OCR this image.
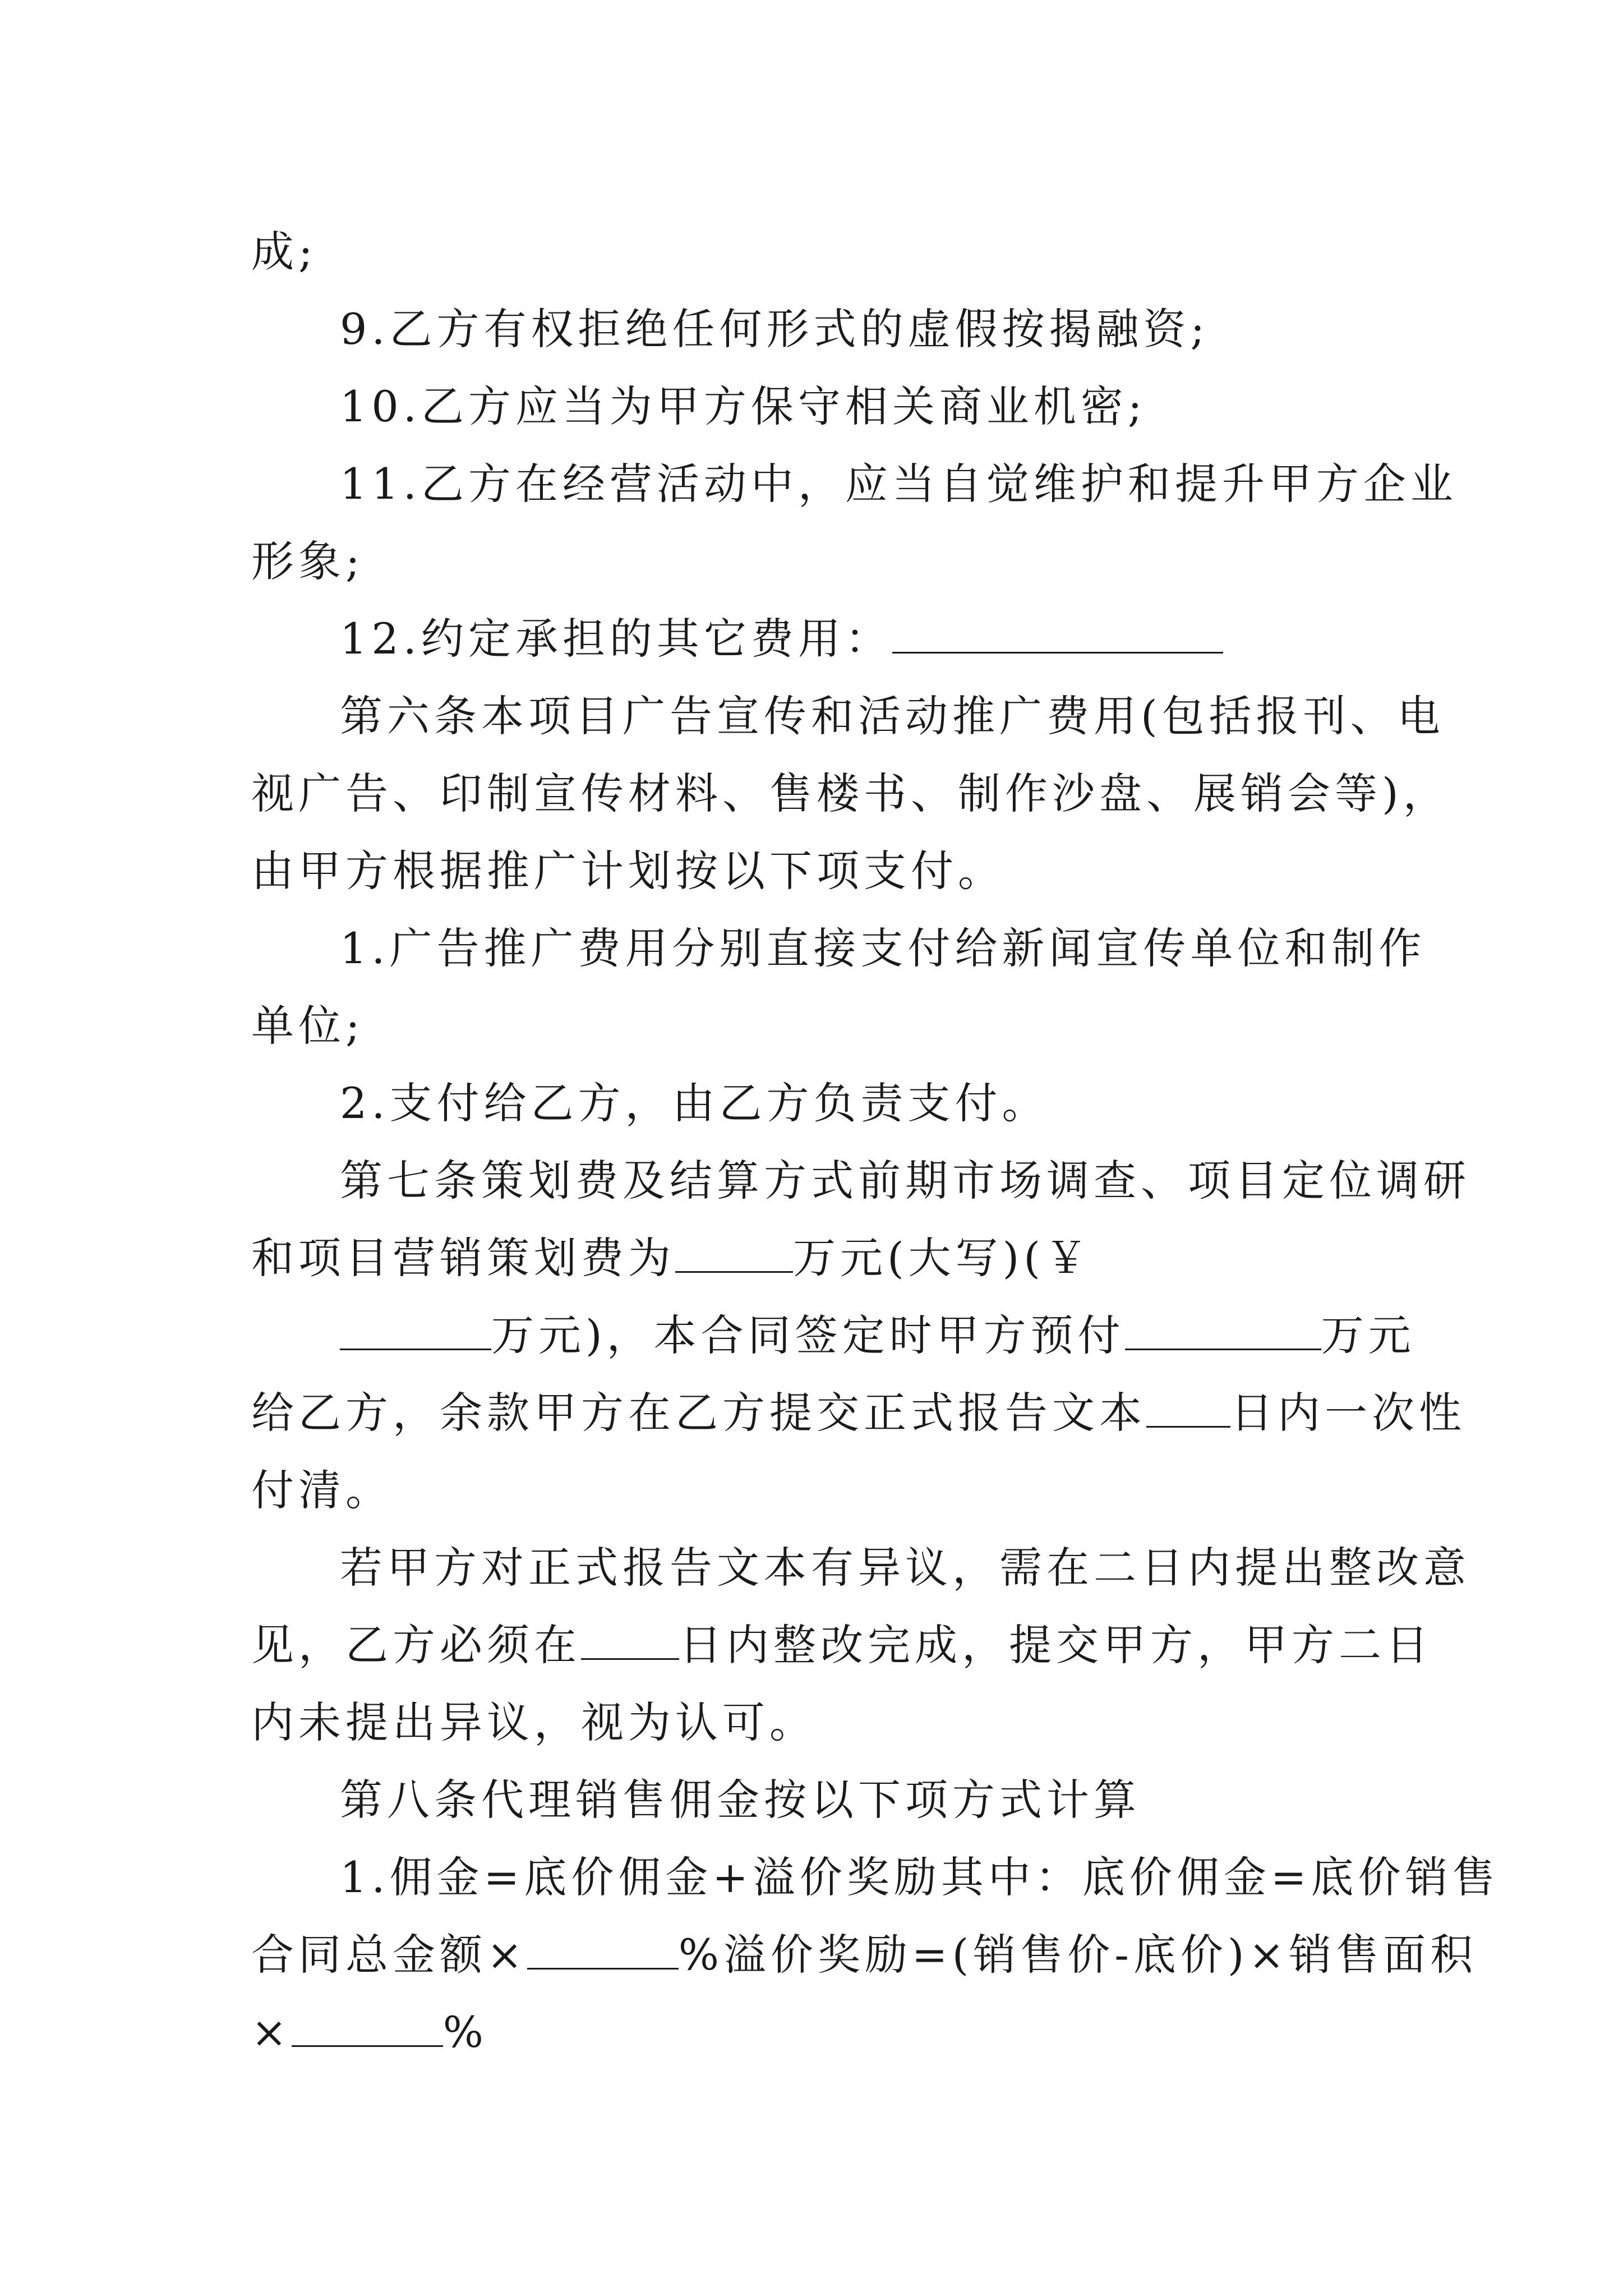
成;
9.乙方有权拒绝任何形式的虚假按揭融资;
10.乙方应当为甲方保守相关商业机密;
11.乙方在经营活动中，应当自觉维护和提升甲方企业
形象;
12.约定承担的其它费用：
第六条本项目广告宣传和活动推广费用(包括报刊、电
视广告、印制宣传材料、售楼书、制作沙盘、展销会等)，
由甲方根据推广计划按以下项支付。
1.广告推广费用分别直接支付给新闻宣传单位和制作
单位;
2.支付给乙方，由乙方负责支付。
第七条策划费及结算方式前期市场调查、项目定位调研
和项目营销策划费为	万元(大写)(￥
万元)，本合同签定时甲方预付	万元
给乙方，余款甲方在乙方提交正式报告文本 日内一次性
付清。
若甲方对正式报告文本有异议，需在二日内提出整改意
见，乙方必须在 日内整改完成，提交甲方，甲方二日
内未提出异议，视为认可。
第八条代理销售佣金按以下项方式计算
1.佣金=底价佣金+溢价奖励其中：底价佣金=底价销售
合同总金额×	%溢价奖励=(销售价-底价)×销售面积
×	%
